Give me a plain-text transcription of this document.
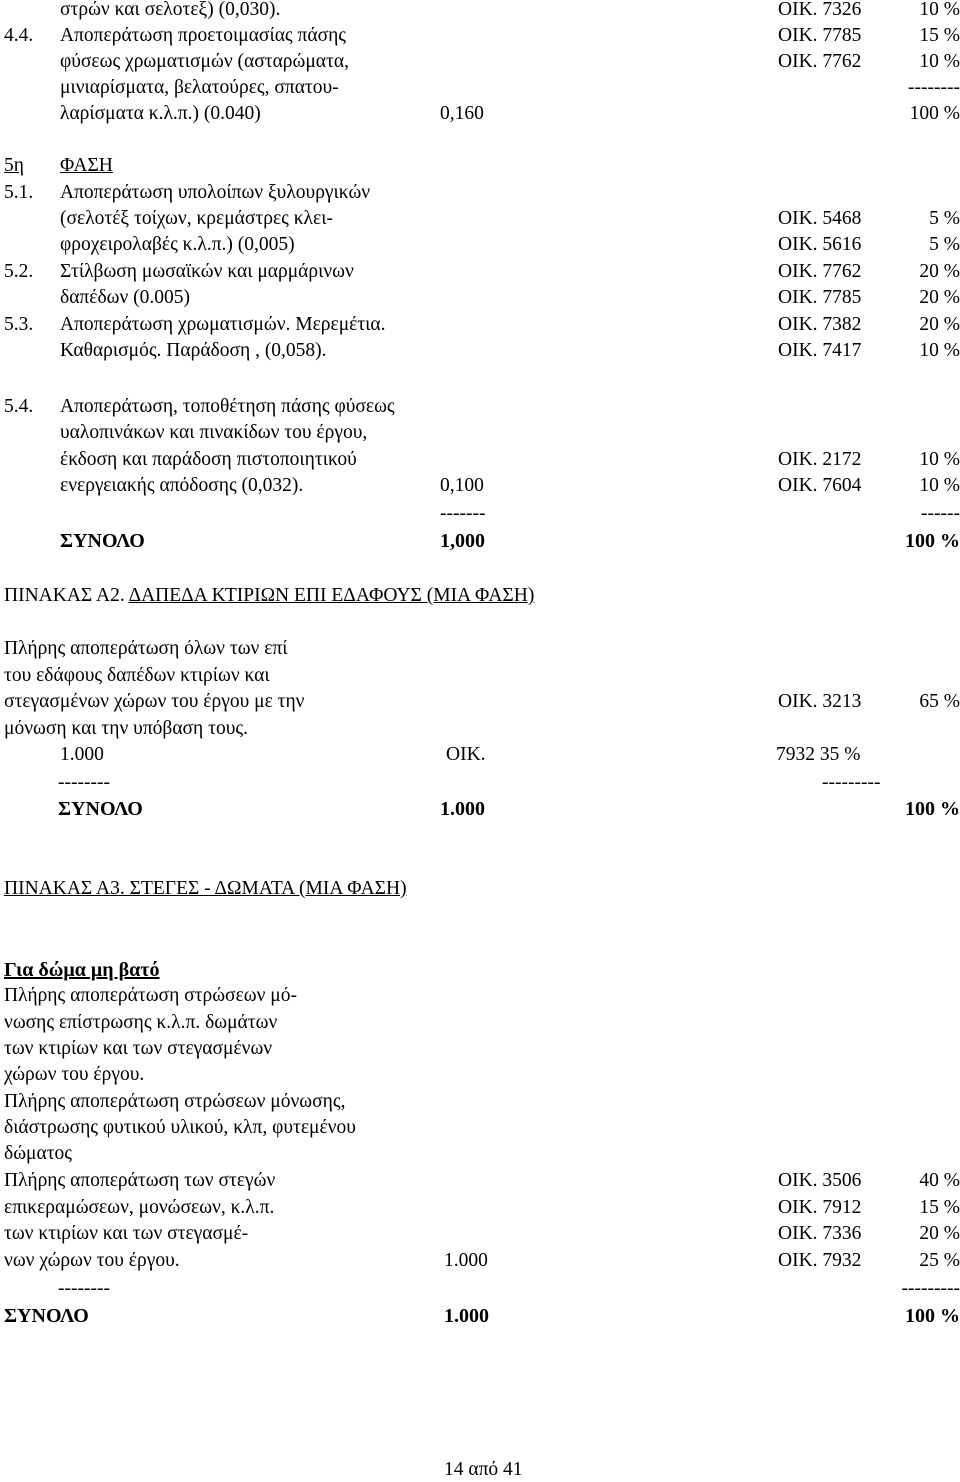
στρών και σελοτεξ) (0,030).	ΟΙΚ. 7326	10 %
4.4. Αποπεράτωση προετοιμασίας πάσης	ΟΙΚ. 7785	15 %
φύσεως χρωματισμών (ασταρώματα,	ΟΙΚ. 7762	10 %
μινιαρίσματα, βελατούρες, σπατου-	--------
λαρίσματα κ.λ.π.) (0.040)	0,160	100 %
5η ΦΑΣΗ
5.1. Αποπεράτωση υπολοίπων ξυλουργικών
(σελοτέξ τοίχων, κρεμάστρες κλει-	ΟΙΚ. 5468	5 %
φροχειρολαβές κ.λ.π.) (0,005)	ΟΙΚ. 5616	5 %
5.2. Στίλβωση μωσαϊκών και μαρμάρινων	ΟΙΚ. 7762	20 %
δαπέδων (0.005)	ΟΙΚ. 7785	20 %
5.3. Αποπεράτωση χρωματισμών. Μερεμέτια.	ΟΙΚ. 7382	20 %
Καθαρισμός. Παράδοση , (0,058).	ΟΙΚ. 7417	10 %
5.4. Αποπεράτωση, τοποθέτηση πάσης φύσεως
υαλοπινάκων και πινακίδων του έργου,
έκδοση και παράδοση πιστοποιητικού	ΟΙΚ. 2172	10 %
ενεργειακής απόδοσης (0,032).	0,100	ΟΙΚ. 7604	10 %
-------	------
ΣΥΝΟΛΟ	1,000	100 %
ΠΙΝΑΚΑΣ Α2. ΔΑΠΕΔΑ ΚΤΙΡΙΩΝ ΕΠΙ ΕΔΑΦΟΥΣ (ΜΙΑ ΦΑΣΗ)
Πλήρης αποπεράτωση όλων των επί
του εδάφους δαπέδων κτιρίων και
στεγασμένων χώρων του έργου με την	ΟΙΚ. 3213	65 %
μόνωση και την υπόβαση τους.
1.000	ΟΙΚ.	7932 35 %
--------	---------
ΣΥΝΟΛΟ	1.000	100 %
ΠΙΝΑΚΑΣ Α3. ΣΤΕΓΕΣ - ΔΩΜΑΤΑ (ΜΙΑ ΦΑΣΗ)
Για δώμα μη βατό
Πλήρης αποπεράτωση στρώσεων μό-
νωσης επίστρωσης κ.λ.π. δωμάτων
των κτιρίων και των στεγασμένων
χώρων του έργου.
Πλήρης αποπεράτωση στρώσεων μόνωσης,
διάστρωσης φυτικού υλικού, κλπ, φυτεμένου
δώματος
Πλήρης αποπεράτωση των στεγών	ΟΙΚ. 3506	40 %
επικεραμώσεων, μονώσεων, κ.λ.π.	ΟΙΚ. 7912	15 %
των κτιρίων και των στεγασμέ-	ΟΙΚ. 7336	20 %
νων χώρων του έργου.	1.000	ΟΙΚ. 7932	25 %
--------	---------
ΣΥΝΟΛΟ	1.000	100 %
14 από 41
